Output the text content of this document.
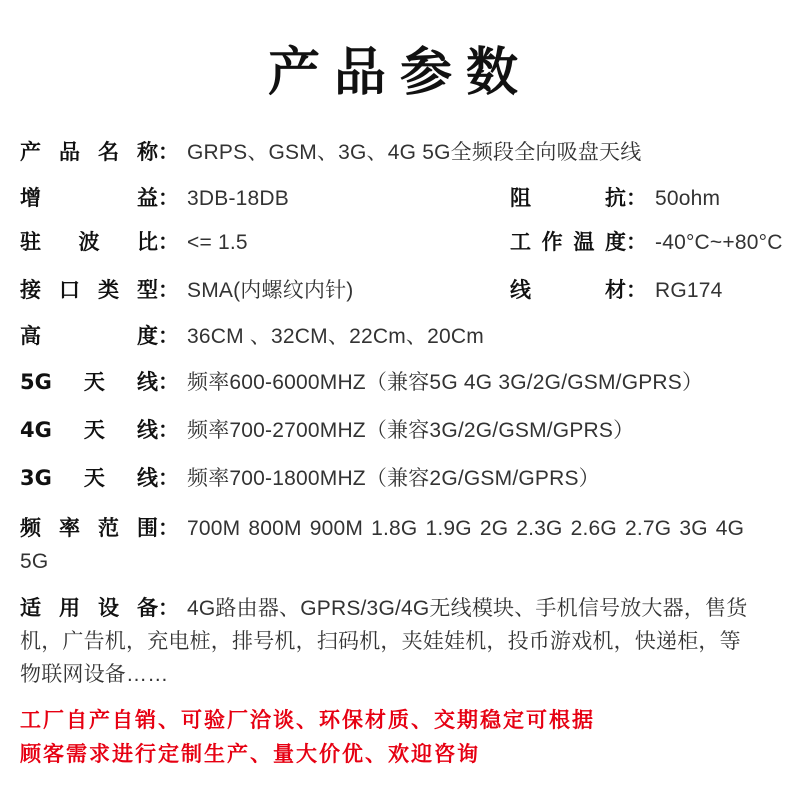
产品参数
产品名称： GRPS、GSM、3G、4G 5G全频段全向吸盘天线
增益： 3DB-18DB	阻抗： 50ohm
驻波比： <= 1.5	工作温度： -40°C~+80°C
接口类型： SMA(内螺纹内针)	线材： RG174
高度： 36CM 、32CM、22Cm、20Cm
5G天线： 频率600-6000MHZ（兼容5G 4G 3G/2G/GSM/GPRS）
4G天线： 频率700-2700MHZ（兼容3G/2G/GSM/GPRS）
3G天线： 频率700-1800MHZ（兼容2G/GSM/GPRS）
频率范围： 700M 800M 900M 1.8G 1.9G 2G 2.3G 2.6G 2.7G 3G 4G 5G
适用设备： 4G路由器、GPRS/3G/4G无线模块、手机信号放大器，售货机，广告机，充电桩，排号机，扫码机，夹娃娃机，投币游戏机，快递柜，等物联网设备……
工厂自产自销、可验厂洽谈、环保材质、交期稳定可根据
顾客需求进行定制生产、量大价优、欢迎咨询
